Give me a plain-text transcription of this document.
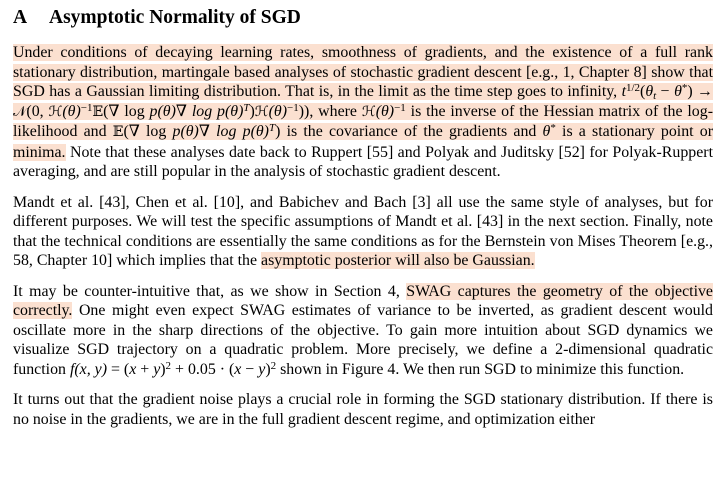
A Asymptotic Normality of SGD

Under conditions of decaying learning rates, smoothness of gradients, and the existence of a full rank stationary distribution, martingale based analyses of stochastic gradient descent [e.g., 1, Chapter 8] show that SGD has a Gaussian limiting distribution. That is, in the limit as the time step goes to infinity, $t^{1/2}(\theta_t - \theta^*)$ → 𝒩(0, $ℋ(\theta)^{-1}𝔼(\nabla$ log p(θ)∇ $\log p(\theta)^T)ℋ(\theta)^{-1}$)), where $ℋ(\theta)^{-1}$ is the inverse of the Hessian matrix of the log-likelihood and 𝔼(∇ log p(θ)∇ $\log p(\theta)^T$) is the covariance of the gradients and θ* is a stationary point or minima. Note that these analyses date back to Ruppert [55] and Polyak and Juditsky [52] for Polyak-Ruppert averaging, and are still popular in the analysis of stochastic gradient descent.

Mandt et al. [43], Chen et al. [10], and Babichev and Bach [3] all use the same style of analyses, but for different purposes. We will test the specific assumptions of Mandt et al. [43] in the next section. Finally, note that the technical conditions are essentially the same conditions as for the Bernstein von Mises Theorem [e.g., 58, Chapter 10] which implies that the asymptotic posterior will also be Gaussian.

It may be counter-intuitive that, as we show in Section 4, SWAG captures the geometry of the objective correctly. One might even expect SWAG estimates of variance to be inverted, as gradient descent would oscillate more in the sharp directions of the objective. To gain more intuition about SGD dynamics we visualize SGD trajectory on a quadratic problem. More precisely, we define a 2-dimensional quadratic function f(x, $y) = (x + y)^2 + 0.05 \cdot (x - y)^2$ shown in Figure 4. We then run SGD to minimize this function.

It turns out that the gradient noise plays a crucial role in forming the SGD stationary distribution. If there is no noise in the gradients, we are in the full gradient descent regime, and optimization either
